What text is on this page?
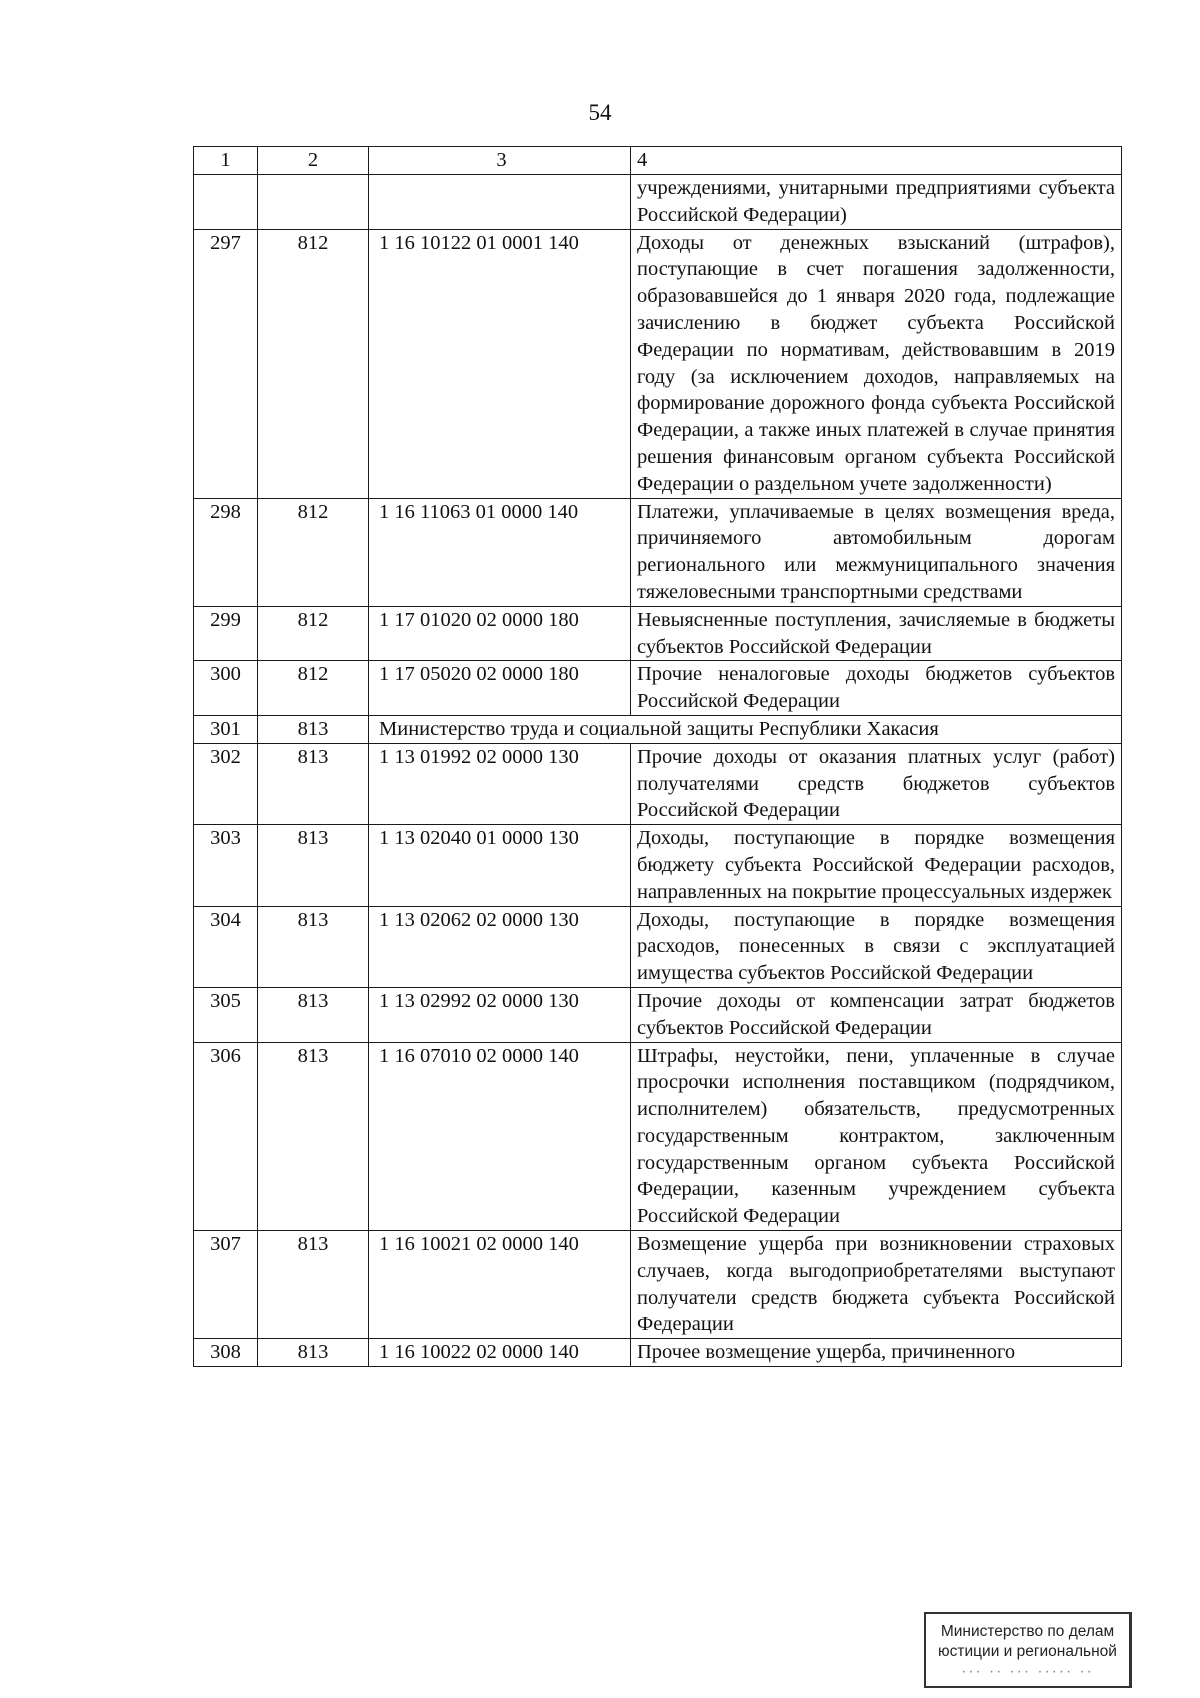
54
1	2	3	4
			учреждениями, унитарными предприятиями субъекта Российской Федерации)
297	812	1 16 10122 01 0001 140	Доходы от денежных взысканий (штрафов), поступающие в счет погашения задолженности, образовавшейся до 1 января 2020 года, подлежащие зачислению в бюджет субъекта Российской Федерации по нормативам, действовавшим в 2019 году (за исключением доходов, направляемых на формирование дорожного фонда субъекта Российской Федерации, а также иных платежей в случае принятия решения финансовым органом субъекта Российской Федерации о раздельном учете задолженности)
298	812	1 16 11063 01 0000 140	Платежи, уплачиваемые в целях возмещения вреда, причиняемого автомобильным дорогам регионального или межмуниципального значения тяжеловесными транспортными средствами
299	812	1 17 01020 02 0000 180	Невыясненные поступления, зачисляемые в бюджеты субъектов Российской Федерации
300	812	1 17 05020 02 0000 180	Прочие неналоговые доходы бюджетов субъектов Российской Федерации
301	813	Министерство труда и социальной защиты Республики Хакасия	
302	813	1 13 01992 02 0000 130	Прочие доходы от оказания платных услуг (работ) получателями средств бюджетов субъектов Российской Федерации
303	813	1 13 02040 01 0000 130	Доходы, поступающие в порядке возмещения бюджету субъекта Российской Федерации расходов, направленных на покрытие процессуальных издержек
304	813	1 13 02062 02 0000 130	Доходы, поступающие в порядке возмещения расходов, понесенных в связи с эксплуатацией имущества субъектов Российской Федерации
305	813	1 13 02992 02 0000 130	Прочие доходы от компенсации затрат бюджетов субъектов Российской Федерации
306	813	1 16 07010 02 0000 140	Штрафы, неустойки, пени, уплаченные в случае просрочки исполнения поставщиком (подрядчиком, исполнителем) обязательств, предусмотренных государственным контрактом, заключенным государственным органом субъекта Российской Федерации, казенным учреждением субъекта Российской Федерации
307	813	1 16 10021 02 0000 140	Возмещение ущерба при возникновении страховых случаев, когда выгодоприобретателями выступают получатели средств бюджета субъекта Российской Федерации
308	813	1 16 10022 02 0000 140	Прочее возмещение ущерба, причиненного
Министерство по делам
юстиции и региональной
··· ·· ··· ····· ··
